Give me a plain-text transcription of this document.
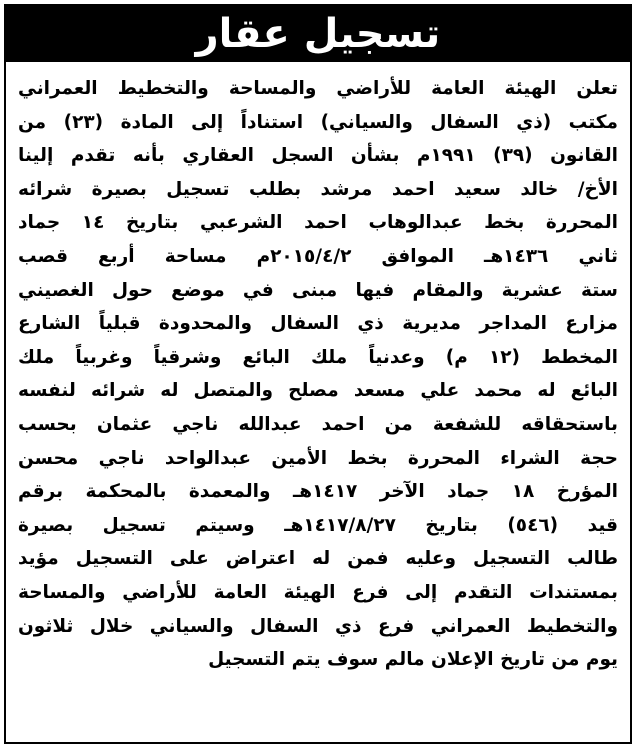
تسجيل عقار
تعلن الهيئة العامة للأراضي والمساحة والتخطيط العمراني
مكتب (ذي السفال والسياني) استناداً إلى المادة (٢٣) من
القانون (٣٩) ١٩٩١م بشأن السجل العقاري بأنه تقدم إلينا
الأخ/ خالد سعيد احمد مرشد بطلب تسجيل بصيرة شرائه
المحررة بخط عبدالوهاب احمد الشرعبي بتاريخ ١٤ جماد
ثاني ١٤٣٦هـ الموافق ٢٠١٥/٤/٢م مساحة أربع قصب
ستة عشرية والمقام فيها مبنى في موضع حول الغصيني
مزارع المداجر مديرية ذي السفال والمحدودة قبلياً الشارع
المخطط (١٢ م) وعدنياً ملك البائع وشرقياً وغربياً ملك
البائع له محمد علي مسعد مصلح والمتصل له شرائه لنفسه
باستحقاقه للشفعة من احمد عبدالله ناجي عثمان بحسب
حجة الشراء المحررة بخط الأمين عبدالواحد ناجي محسن
المؤرخ ١٨ جماد الآخر ١٤١٧هـ والمعمدة بالمحكمة برقم
قيد (٥٤٦) بتاريخ ١٤١٧/٨/٢٧هـ وسيتم تسجيل بصيرة
طالب التسجيل وعليه فمن له اعتراض على التسجيل مؤيد
بمستندات التقدم إلى فرع الهيئة العامة للأراضي والمساحة
والتخطيط العمراني فرع ذي السفال والسياني خلال ثلاثون
يوم من تاريخ الإعلان مالم سوف يتم التسجيل
